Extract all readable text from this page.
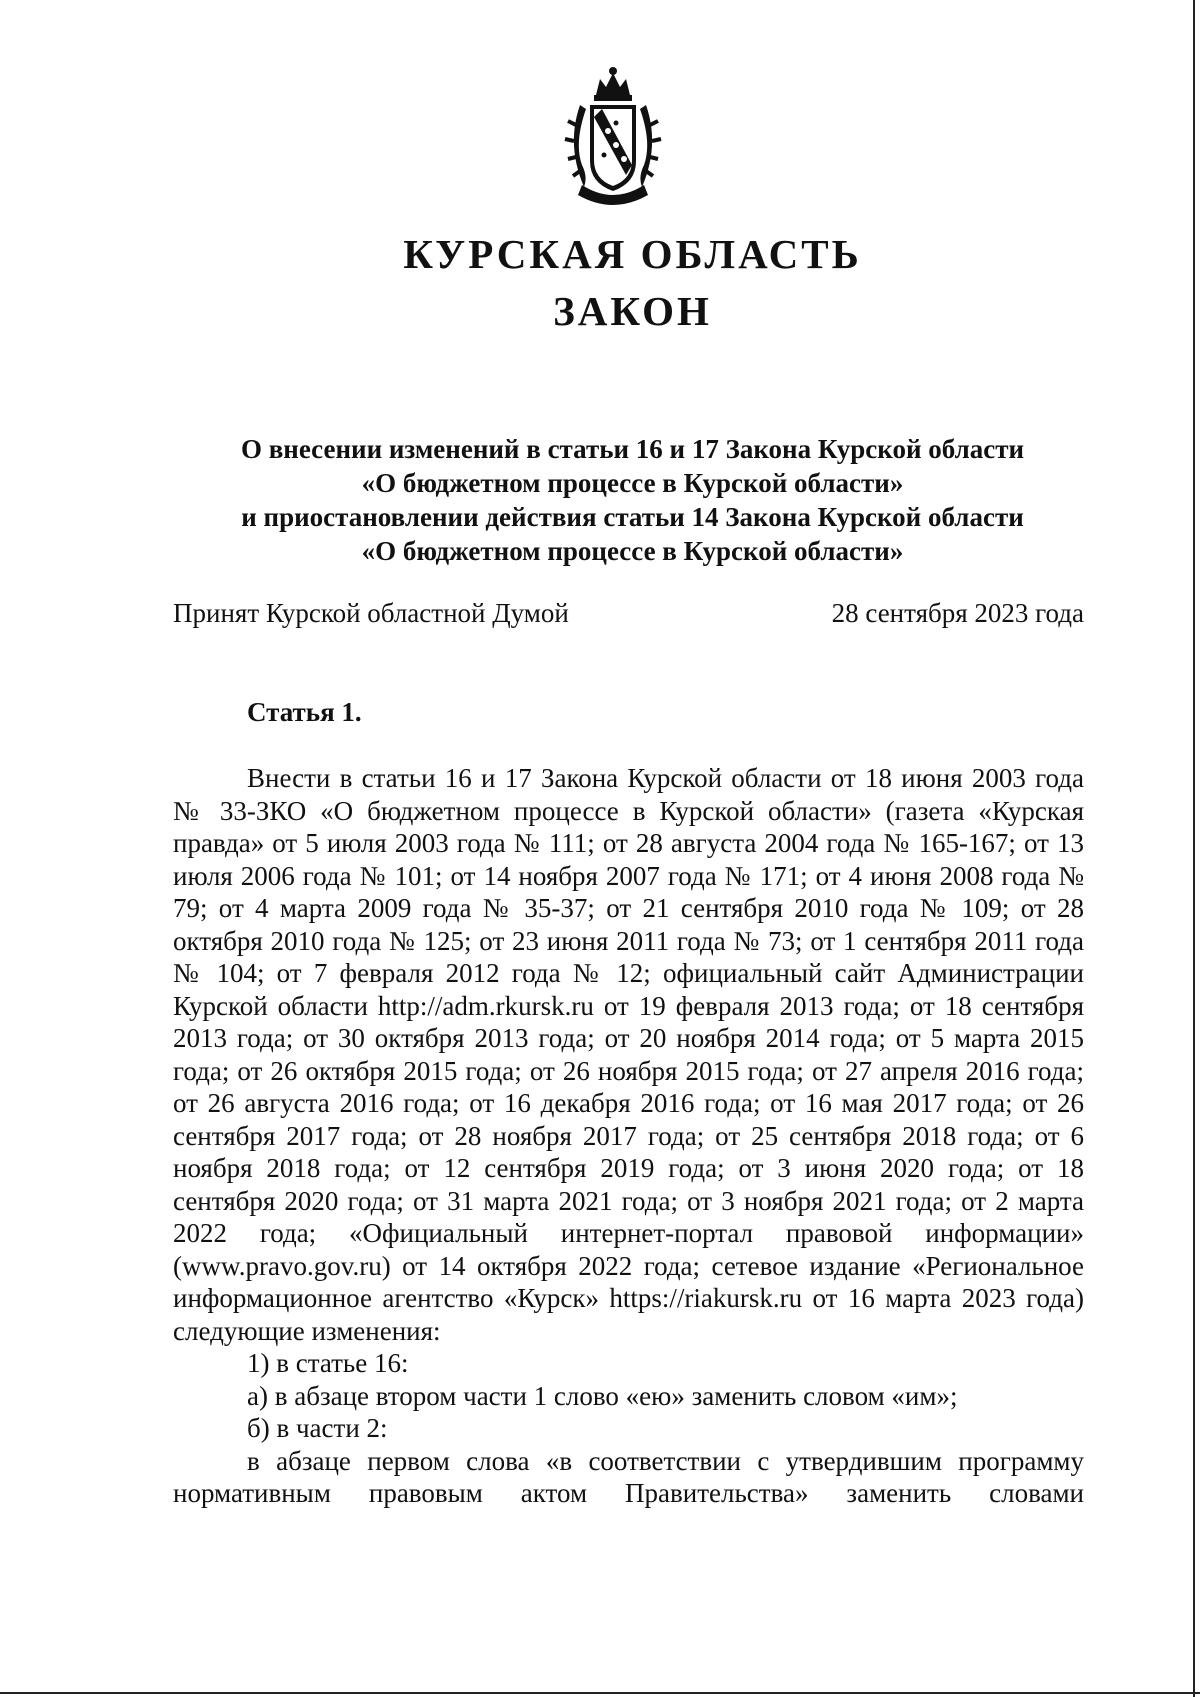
КУРСКАЯ ОБЛАСТЬ
ЗАКОН
О внесении изменений в статьи 16 и 17 Закона Курской области
«О бюджетном процессе в Курской области»
и приостановлении действия статьи 14 Закона Курской области
«О бюджетном процессе в Курской области»
Принят Курской областной Думой	28 сентября 2023 года
Статья 1.

Внести в статьи 16 и 17 Закона Курской области от 18 июня 2003 года № 33-ЗКО «О бюджетном процессе в Курской области» (газета «Курская правда» от 5 июля 2003 года № 111; от 28 августа 2004 года № 165-167; от 13 июля 2006 года № 101; от 14 ноября 2007 года № 171; от 4 июня 2008 года № 79; от 4 марта 2009 года № 35-37; от 21 сентября 2010 года № 109; от 28 октября 2010 года № 125; от 23 июня 2011 года № 73; от 1 сентября 2011 года № 104; от 7 февраля 2012 года № 12; официальный сайт Администрации Курской области http://adm.rkursk.ru от 19 февраля 2013 года; от 18 сентября 2013 года; от 30 октября 2013 года; от 20 ноября 2014 года; от 5 марта 2015 года; от 26 октября 2015 года; от 26 ноября 2015 года; от 27 апреля 2016 года; от 26 августа 2016 года; от 16 декабря 2016 года; от 16 мая 2017 года; от 26 сентября 2017 года; от 28 ноября 2017 года; от 25 сентября 2018 года; от 6 ноября 2018 года; от 12 сентября 2019 года; от 3 июня 2020 года; от 18 сентября 2020 года; от 31 марта 2021 года; от 3 ноября 2021 года; от 2 марта 2022 года; «Официальный интернет-портал правовой информации» (www.pravo.gov.ru) от 14 октября 2022 года; сетевое издание «Региональное информационное агентство «Курск» https://riakursk.ru от 16 марта 2023 года) следующие изменения:

1) в статье 16:

а) в абзаце втором части 1 слово «ею» заменить словом «им»;

б) в части 2:

в абзаце первом слова «в соответствии с утвердившим программу нормативным правовым актом Правительства» заменить словами
